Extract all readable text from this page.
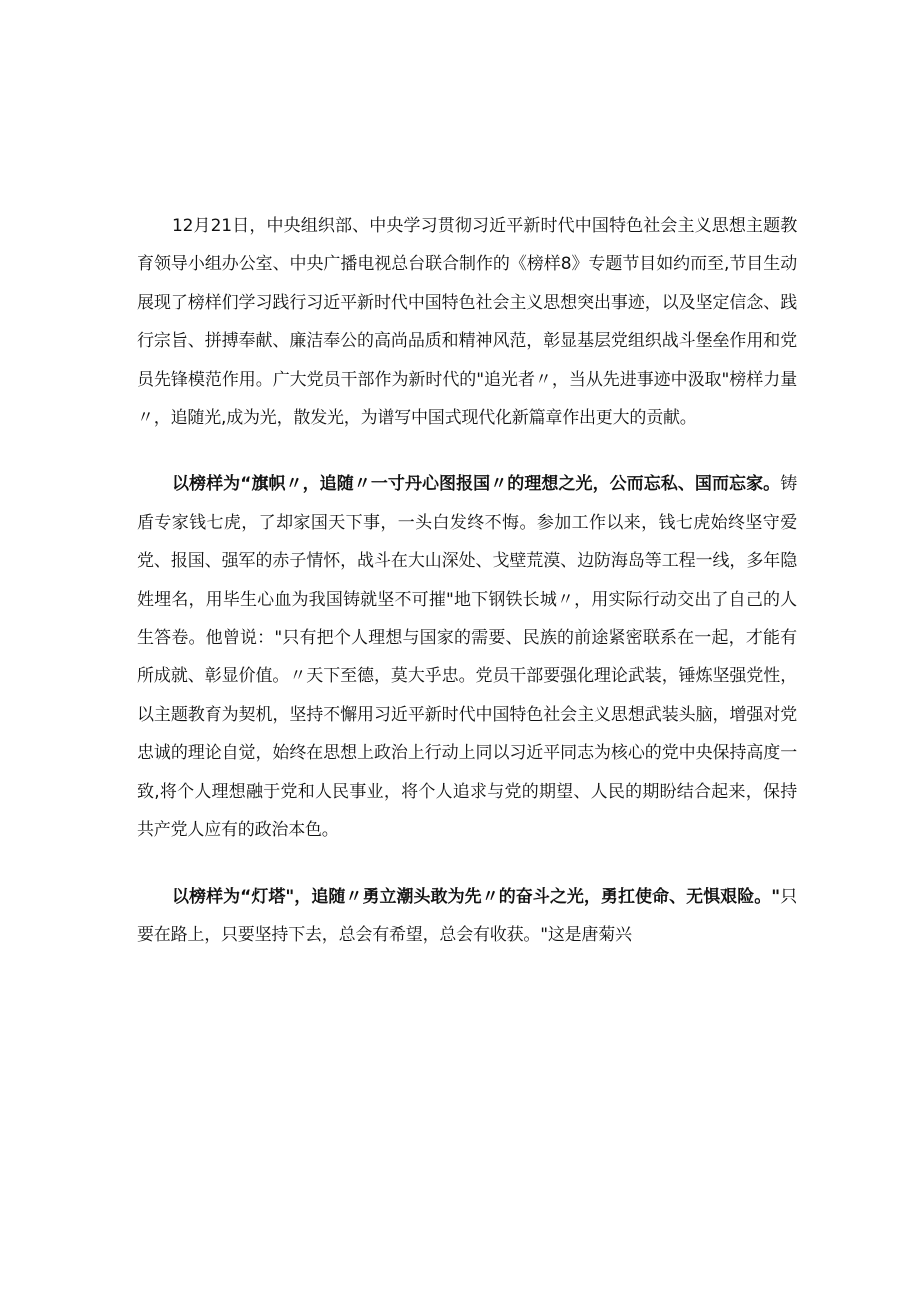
12月21日，中央组织部、中央学习贯彻习近平新时代中国特色社会主义思想主题教育领导小组办公室、中央广播电视总台联合制作的《榜样8》专题节目如约而至,节目生动展现了榜样们学习践行习近平新时代中国特色社会主义思想突出事迹，以及坚定信念、践行宗旨、拼搏奉献、廉洁奉公的高尚品质和精神风范，彰显基层党组织战斗堡垒作用和党员先锋模范作用。广大党员干部作为新时代的"追光者〃，当从先进事迹中汲取"榜样力量〃，追随光,成为光，散发光，为谱写中国式现代化新篇章作出更大的贡献。

以榜样为“旗帜〃，追随〃一寸丹心图报国〃的理想之光，公而忘私、国而忘家。铸盾专家钱七虎，了却家国天下事，一头白发终不悔。参加工作以来，钱七虎始终坚守爱党、报国、强军的赤子情怀，战斗在大山深处、戈壁荒漠、边防海岛等工程一线，多年隐姓埋名，用毕生心血为我国铸就坚不可摧"地下钢铁长城〃，用实际行动交出了自己的人生答卷。他曾说："只有把个人理想与国家的需要、民族的前途紧密联系在一起，才能有所成就、彰显价值。〃天下至德，莫大乎忠。党员干部要强化理论武装，锤炼坚强党性，以主题教育为契机，坚持不懈用习近平新时代中国特色社会主义思想武装头脑，增强对党忠诚的理论自觉，始终在思想上政治上行动上同以习近平同志为核心的党中央保持高度一致,将个人理想融于党和人民事业，将个人追求与党的期望、人民的期盼结合起来，保持共产党人应有的政治本色。

以榜样为“灯塔"，追随〃勇立潮头敢为先〃的奋斗之光，勇扛使命、无惧艰险。"只要在路上，只要坚持下去，总会有希望，总会有收获。"这是唐菊兴
